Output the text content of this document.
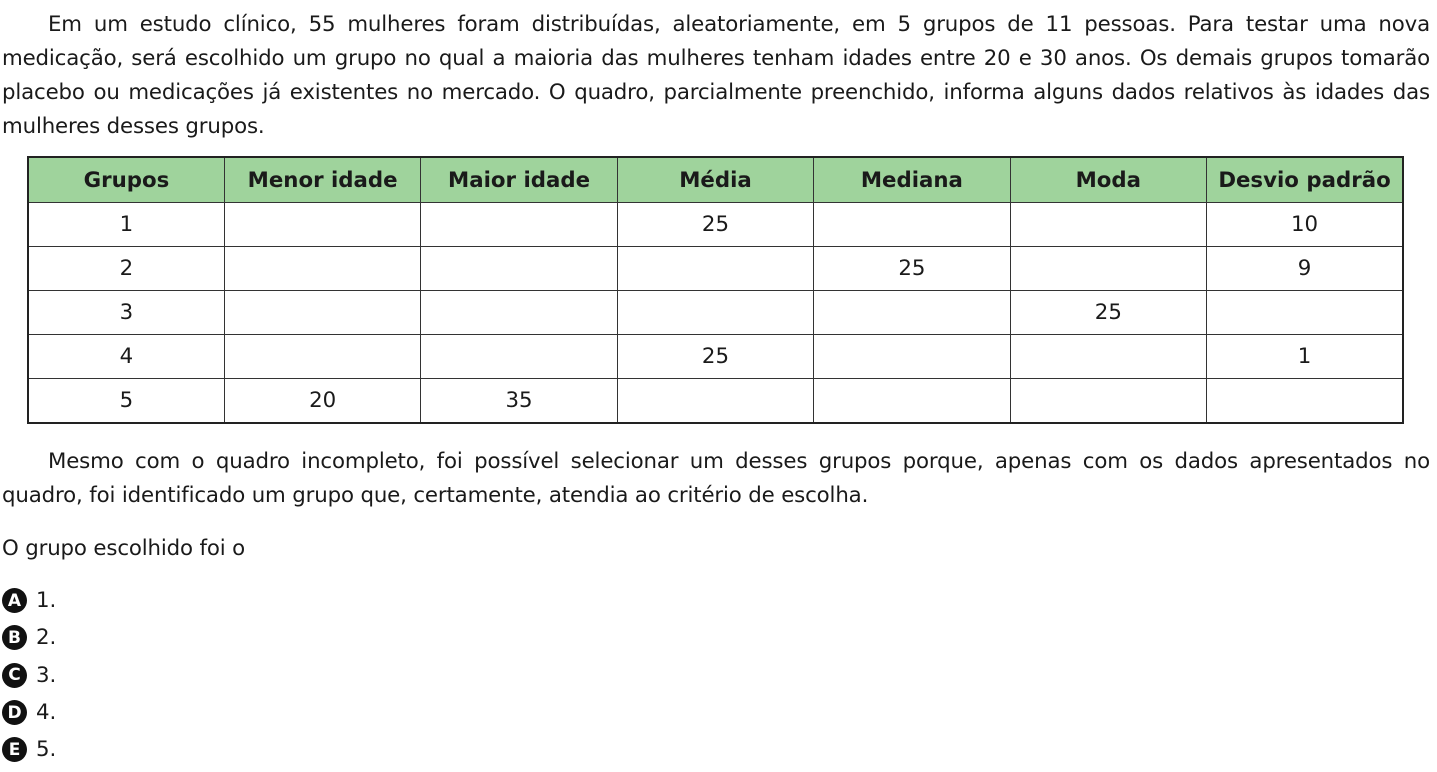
Em um estudo clínico, 55 mulheres foram distribuídas, aleatoriamente, em 5 grupos de 11 pessoas. Para testar uma nova medicação, será escolhido um grupo no qual a maioria das mulheres tenham idades entre 20 e 30 anos. Os demais grupos tomarão placebo ou medicações já existentes no mercado. O quadro, parcialmente preenchido, informa alguns dados relativos às idades das mulheres desses grupos.

Grupos	Menor idade	Maior idade	Média	Mediana	Moda	Desvio padrão
1			25			10
2				25		9
3					25	
4			25			1
5	20	35				

Mesmo com o quadro incompleto, foi possível selecionar um desses grupos porque, apenas com os dados apresentados no quadro, foi identificado um grupo que, certamente, atendia ao critério de escolha.

O grupo escolhido foi o

A 1.
B 2.
C 3.
D 4.
E 5.
